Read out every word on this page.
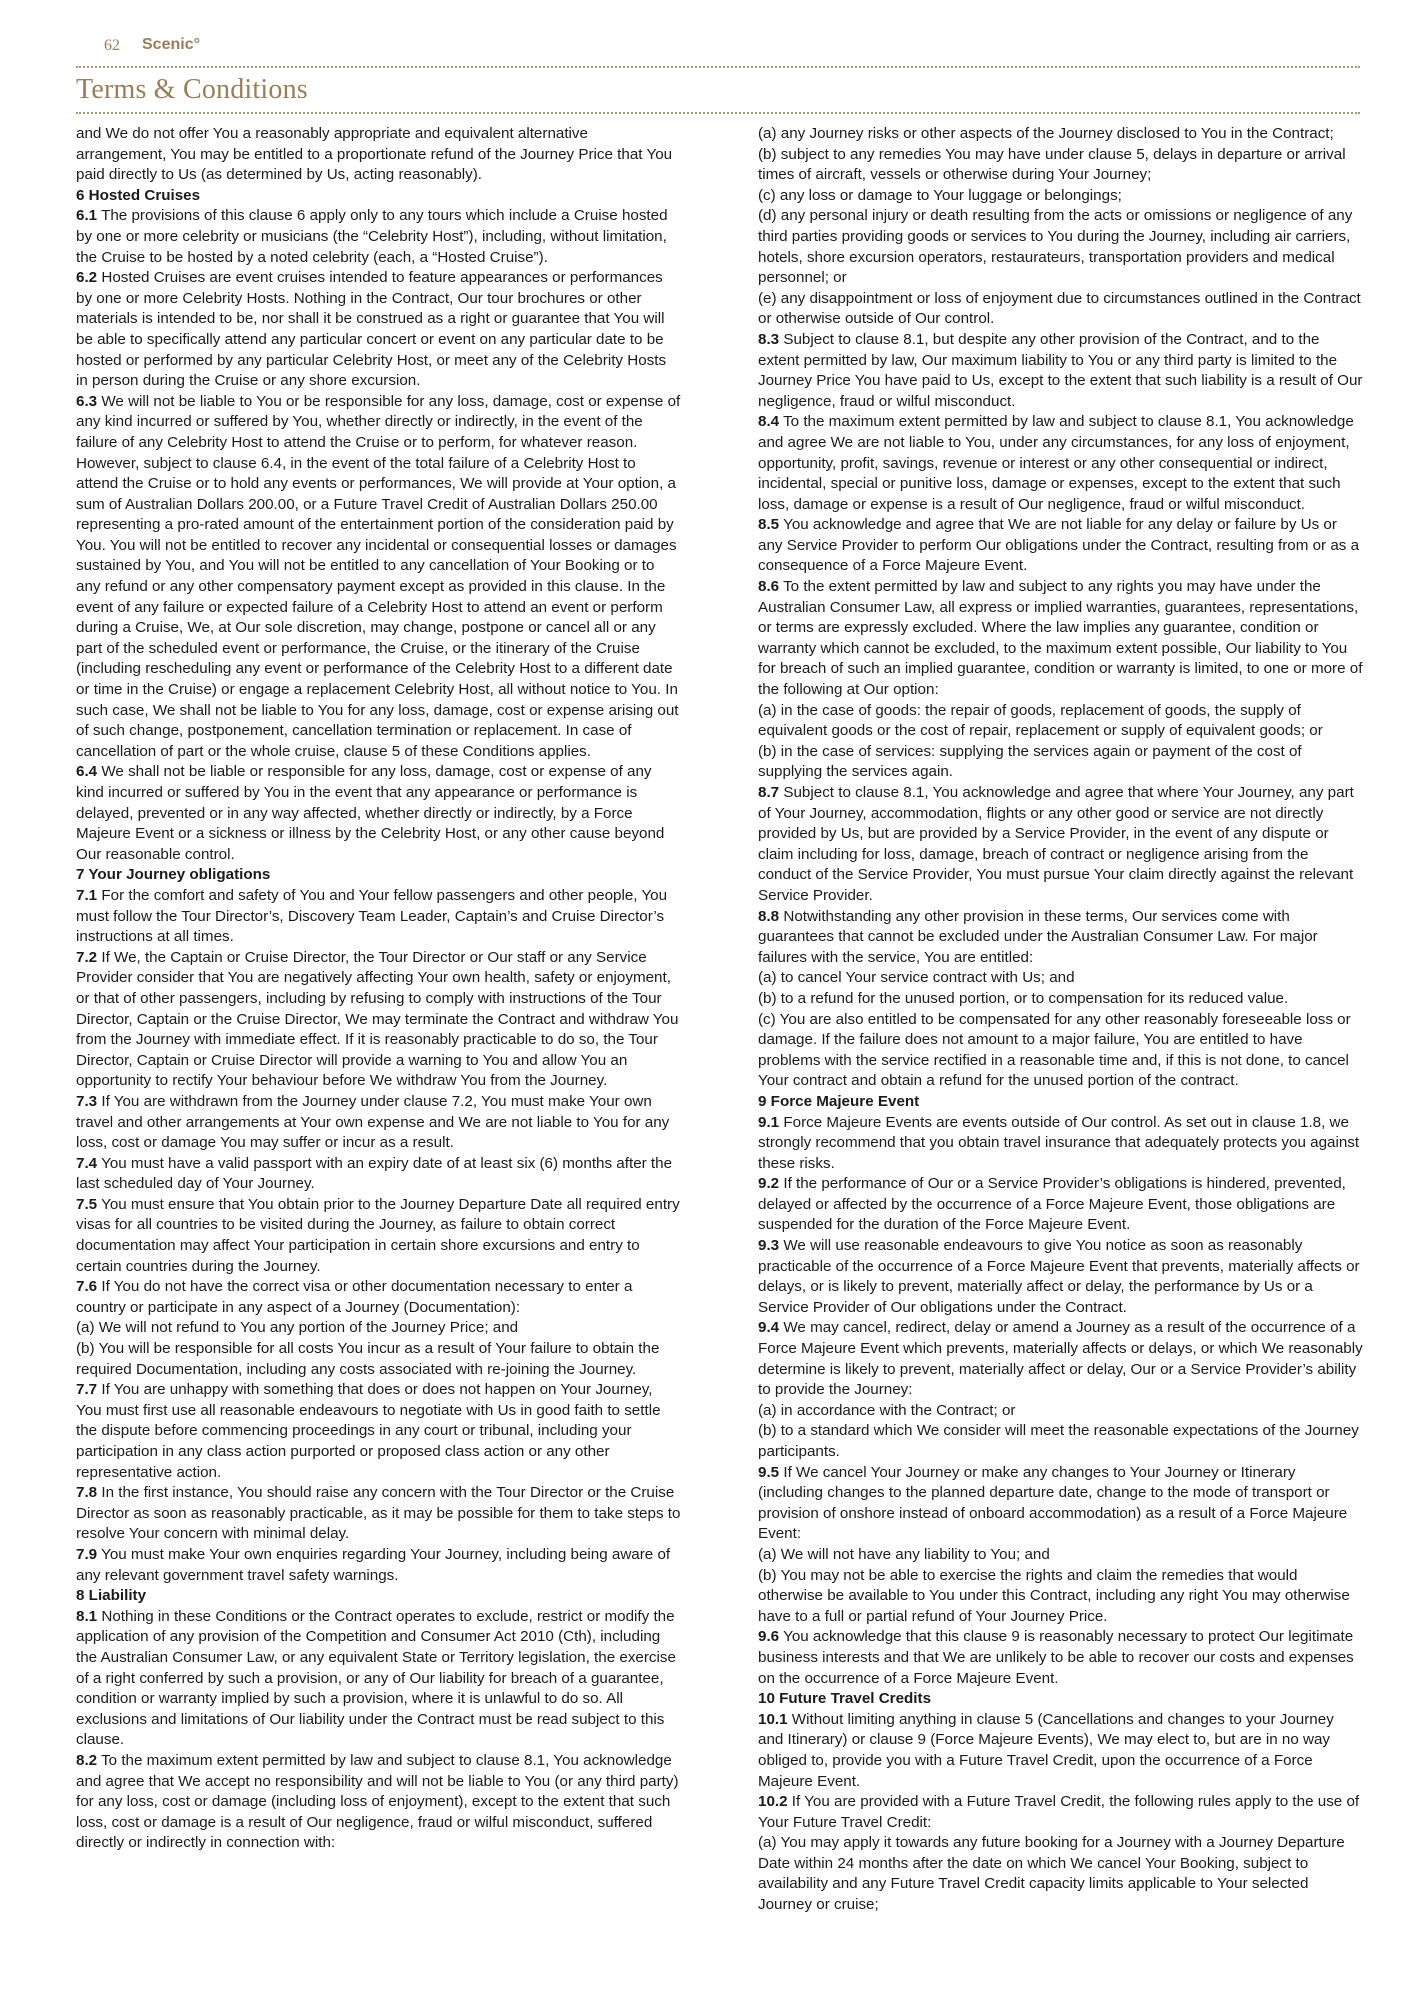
62 Scenic°
Terms & Conditions

and We do not offer You a reasonably appropriate and equivalent alternative arrangement, You may be entitled to a proportionate refund of the Journey Price that You paid directly to Us (as determined by Us, acting reasonably).

6 Hosted Cruises

6.1 The provisions of this clause 6 apply only to any tours which include a Cruise hosted by one or more celebrity or musicians (the “Celebrity Host”), including, without limitation, the Cruise to be hosted by a noted celebrity (each, a “Hosted Cruise”).

6.2 Hosted Cruises are event cruises intended to feature appearances or performances by one or more Celebrity Hosts. Nothing in the Contract, Our tour brochures or other materials is intended to be, nor shall it be construed as a right or guarantee that You will be able to specifically attend any particular concert or event on any particular date to be hosted or performed by any particular Celebrity Host, or meet any of the Celebrity Hosts in person during the Cruise or any shore excursion.

6.3 We will not be liable to You or be responsible for any loss, damage, cost or expense of any kind incurred or suffered by You, whether directly or indirectly, in the event of the failure of any Celebrity Host to attend the Cruise or to perform, for whatever reason. However, subject to clause 6.4, in the event of the total failure of a Celebrity Host to attend the Cruise or to hold any events or performances, We will provide at Your option, a sum of Australian Dollars 200.00, or a Future Travel Credit of Australian Dollars 250.00 representing a pro-rated amount of the entertainment portion of the consideration paid by You. You will not be entitled to recover any incidental or consequential losses or damages sustained by You, and You will not be entitled to any cancellation of Your Booking or to any refund or any other compensatory payment except as provided in this clause. In the event of any failure or expected failure of a Celebrity Host to attend an event or perform during a Cruise, We, at Our sole discretion, may change, postpone or cancel all or any part of the scheduled event or performance, the Cruise, or the itinerary of the Cruise (including rescheduling any event or performance of the Celebrity Host to a different date or time in the Cruise) or engage a replacement Celebrity Host, all without notice to You. In such case, We shall not be liable to You for any loss, damage, cost or expense arising out of such change, postponement, cancellation termination or replacement. In case of cancellation of part or the whole cruise, clause 5 of these Conditions applies.

6.4 We shall not be liable or responsible for any loss, damage, cost or expense of any kind incurred or suffered by You in the event that any appearance or performance is delayed, prevented or in any way affected, whether directly or indirectly, by a Force Majeure Event or a sickness or illness by the Celebrity Host, or any other cause beyond Our reasonable control.

7 Your Journey obligations

7.1 For the comfort and safety of You and Your fellow passengers and other people, You must follow the Tour Director’s, Discovery Team Leader, Captain’s and Cruise Director’s instructions at all times.

7.2 If We, the Captain or Cruise Director, the Tour Director or Our staff or any Service Provider consider that You are negatively affecting Your own health, safety or enjoyment, or that of other passengers, including by refusing to comply with instructions of the Tour Director, Captain or the Cruise Director, We may terminate the Contract and withdraw You from the Journey with immediate effect. If it is reasonably practicable to do so, the Tour Director, Captain or Cruise Director will provide a warning to You and allow You an opportunity to rectify Your behaviour before We withdraw You from the Journey.

7.3 If You are withdrawn from the Journey under clause 7.2, You must make Your own travel and other arrangements at Your own expense and We are not liable to You for any loss, cost or damage You may suffer or incur as a result.

7.4 You must have a valid passport with an expiry date of at least six (6) months after the last scheduled day of Your Journey.

7.5 You must ensure that You obtain prior to the Journey Departure Date all required entry visas for all countries to be visited during the Journey, as failure to obtain correct documentation may affect Your participation in certain shore excursions and entry to certain countries during the Journey.

7.6 If You do not have the correct visa or other documentation necessary to enter a country or participate in any aspect of a Journey (Documentation):

(a) We will not refund to You any portion of the Journey Price; and

(b) You will be responsible for all costs You incur as a result of Your failure to obtain the required Documentation, including any costs associated with re-joining the Journey.

7.7 If You are unhappy with something that does or does not happen on Your Journey, You must first use all reasonable endeavours to negotiate with Us in good faith to settle the dispute before commencing proceedings in any court or tribunal, including your participation in any class action purported or proposed class action or any other representative action.

7.8 In the first instance, You should raise any concern with the Tour Director or the Cruise Director as soon as reasonably practicable, as it may be possible for them to take steps to resolve Your concern with minimal delay.

7.9 You must make Your own enquiries regarding Your Journey, including being aware of any relevant government travel safety warnings.

8 Liability

8.1 Nothing in these Conditions or the Contract operates to exclude, restrict or modify the application of any provision of the Competition and Consumer Act 2010 (Cth), including the Australian Consumer Law, or any equivalent State or Territory legislation, the exercise of a right conferred by such a provision, or any of Our liability for breach of a guarantee, condition or warranty implied by such a provision, where it is unlawful to do so. All exclusions and limitations of Our liability under the Contract must be read subject to this clause.

8.2 To the maximum extent permitted by law and subject to clause 8.1, You acknowledge and agree that We accept no responsibility and will not be liable to You (or any third party) for any loss, cost or damage (including loss of enjoyment), except to the extent that such loss, cost or damage is a result of Our negligence, fraud or wilful misconduct, suffered directly or indirectly in connection with:

(a) any Journey risks or other aspects of the Journey disclosed to You in the Contract;

(b) subject to any remedies You may have under clause 5, delays in departure or arrival times of aircraft, vessels or otherwise during Your Journey;

(c) any loss or damage to Your luggage or belongings;

(d) any personal injury or death resulting from the acts or omissions or negligence of any third parties providing goods or services to You during the Journey, including air carriers, hotels, shore excursion operators, restaurateurs, transportation providers and medical personnel; or

(e) any disappointment or loss of enjoyment due to circumstances outlined in the Contract or otherwise outside of Our control.

8.3 Subject to clause 8.1, but despite any other provision of the Contract, and to the extent permitted by law, Our maximum liability to You or any third party is limited to the Journey Price You have paid to Us, except to the extent that such liability is a result of Our negligence, fraud or wilful misconduct.

8.4 To the maximum extent permitted by law and subject to clause 8.1, You acknowledge and agree We are not liable to You, under any circumstances, for any loss of enjoyment, opportunity, profit, savings, revenue or interest or any other consequential or indirect, incidental, special or punitive loss, damage or expenses, except to the extent that such loss, damage or expense is a result of Our negligence, fraud or wilful misconduct.

8.5 You acknowledge and agree that We are not liable for any delay or failure by Us or any Service Provider to perform Our obligations under the Contract, resulting from or as a consequence of a Force Majeure Event.

8.6 To the extent permitted by law and subject to any rights you may have under the Australian Consumer Law, all express or implied warranties, guarantees, representations, or terms are expressly excluded. Where the law implies any guarantee, condition or warranty which cannot be excluded, to the maximum extent possible, Our liability to You for breach of such an implied guarantee, condition or warranty is limited, to one or more of the following at Our option:

(a) in the case of goods: the repair of goods, replacement of goods, the supply of equivalent goods or the cost of repair, replacement or supply of equivalent goods; or

(b) in the case of services: supplying the services again or payment of the cost of supplying the services again.

8.7 Subject to clause 8.1, You acknowledge and agree that where Your Journey, any part of Your Journey, accommodation, flights or any other good or service are not directly provided by Us, but are provided by a Service Provider, in the event of any dispute or claim including for loss, damage, breach of contract or negligence arising from the conduct of the Service Provider, You must pursue Your claim directly against the relevant Service Provider.

8.8 Notwithstanding any other provision in these terms, Our services come with guarantees that cannot be excluded under the Australian Consumer Law. For major failures with the service, You are entitled:

(a) to cancel Your service contract with Us; and

(b) to a refund for the unused portion, or to compensation for its reduced value.

(c) You are also entitled to be compensated for any other reasonably foreseeable loss or damage. If the failure does not amount to a major failure, You are entitled to have problems with the service rectified in a reasonable time and, if this is not done, to cancel Your contract and obtain a refund for the unused portion of the contract.

9 Force Majeure Event

9.1 Force Majeure Events are events outside of Our control. As set out in clause 1.8, we strongly recommend that you obtain travel insurance that adequately protects you against these risks.

9.2 If the performance of Our or a Service Provider’s obligations is hindered, prevented, delayed or affected by the occurrence of a Force Majeure Event, those obligations are suspended for the duration of the Force Majeure Event.

9.3 We will use reasonable endeavours to give You notice as soon as reasonably practicable of the occurrence of a Force Majeure Event that prevents, materially affects or delays, or is likely to prevent, materially affect or delay, the performance by Us or a Service Provider of Our obligations under the Contract.

9.4 We may cancel, redirect, delay or amend a Journey as a result of the occurrence of a Force Majeure Event which prevents, materially affects or delays, or which We reasonably determine is likely to prevent, materially affect or delay, Our or a Service Provider’s ability to provide the Journey:

(a) in accordance with the Contract; or

(b) to a standard which We consider will meet the reasonable expectations of the Journey participants.

9.5 If We cancel Your Journey or make any changes to Your Journey or Itinerary (including changes to the planned departure date, change to the mode of transport or provision of onshore instead of onboard accommodation) as a result of a Force Majeure Event:

(a) We will not have any liability to You; and

(b) You may not be able to exercise the rights and claim the remedies that would otherwise be available to You under this Contract, including any right You may otherwise have to a full or partial refund of Your Journey Price.

9.6 You acknowledge that this clause 9 is reasonably necessary to protect Our legitimate business interests and that We are unlikely to be able to recover our costs and expenses on the occurrence of a Force Majeure Event.

10 Future Travel Credits

10.1 Without limiting anything in clause 5 (Cancellations and changes to your Journey and Itinerary) or clause 9 (Force Majeure Events), We may elect to, but are in no way obliged to, provide you with a Future Travel Credit, upon the occurrence of a Force Majeure Event.

10.2 If You are provided with a Future Travel Credit, the following rules apply to the use of Your Future Travel Credit:

(a) You may apply it towards any future booking for a Journey with a Journey Departure Date within 24 months after the date on which We cancel Your Booking, subject to availability and any Future Travel Credit capacity limits applicable to Your selected Journey or cruise;
